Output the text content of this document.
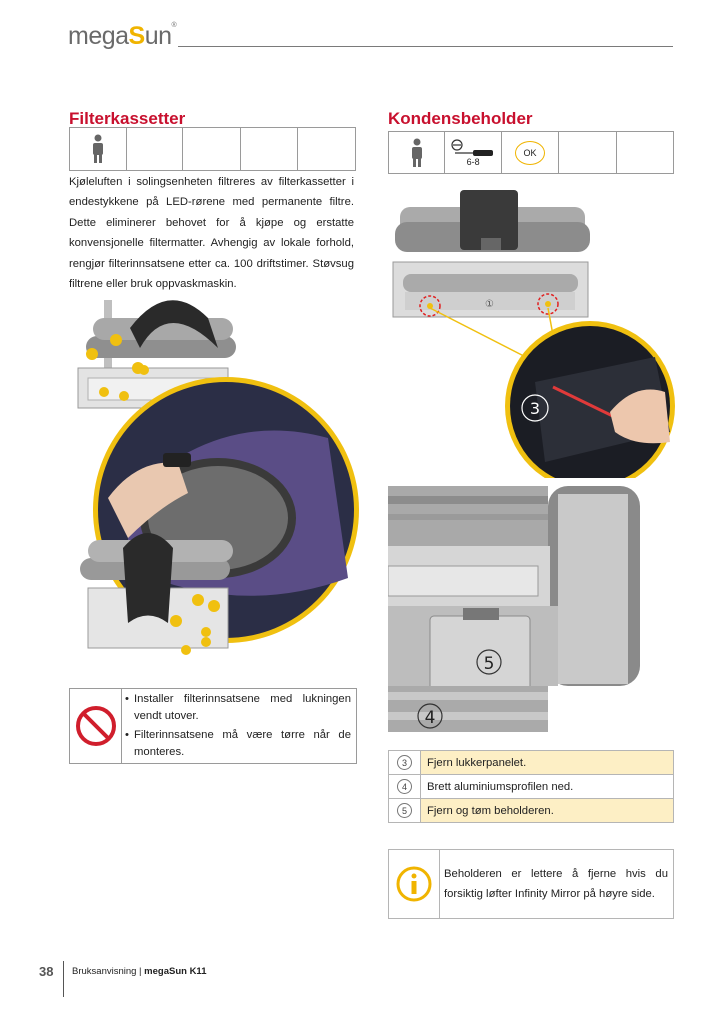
megaSun®
Filterkassetter
Kjøleluften i solingsenheten filtreres av filterkassetter i endestykkene på LED-rørene med permanente filtre. Dette eliminerer behovet for å kjøpe og erstatte konvensjonelle filtermatter. Avhengig av lokale forhold, rengjør filterinnsatsene etter ca. 100 driftstimer. Støvsug filtrene eller bruk oppvaskmaskin.
• Installer filterinnsatsene med lukningen vendt utover.
• Filterinnsatsene må være tørre når de monteres.
Kondensbeholder
6-8
OK
①
3
5
4
3	Fjern lukkerpanelet.
4	Brett aluminiumsprofilen ned.
5	Fjern og tøm beholderen.
Beholderen er lettere å fjerne hvis du forsiktig løfter Infinity Mirror på høyre side.
38 Bruksanvisning | megaSun K11
